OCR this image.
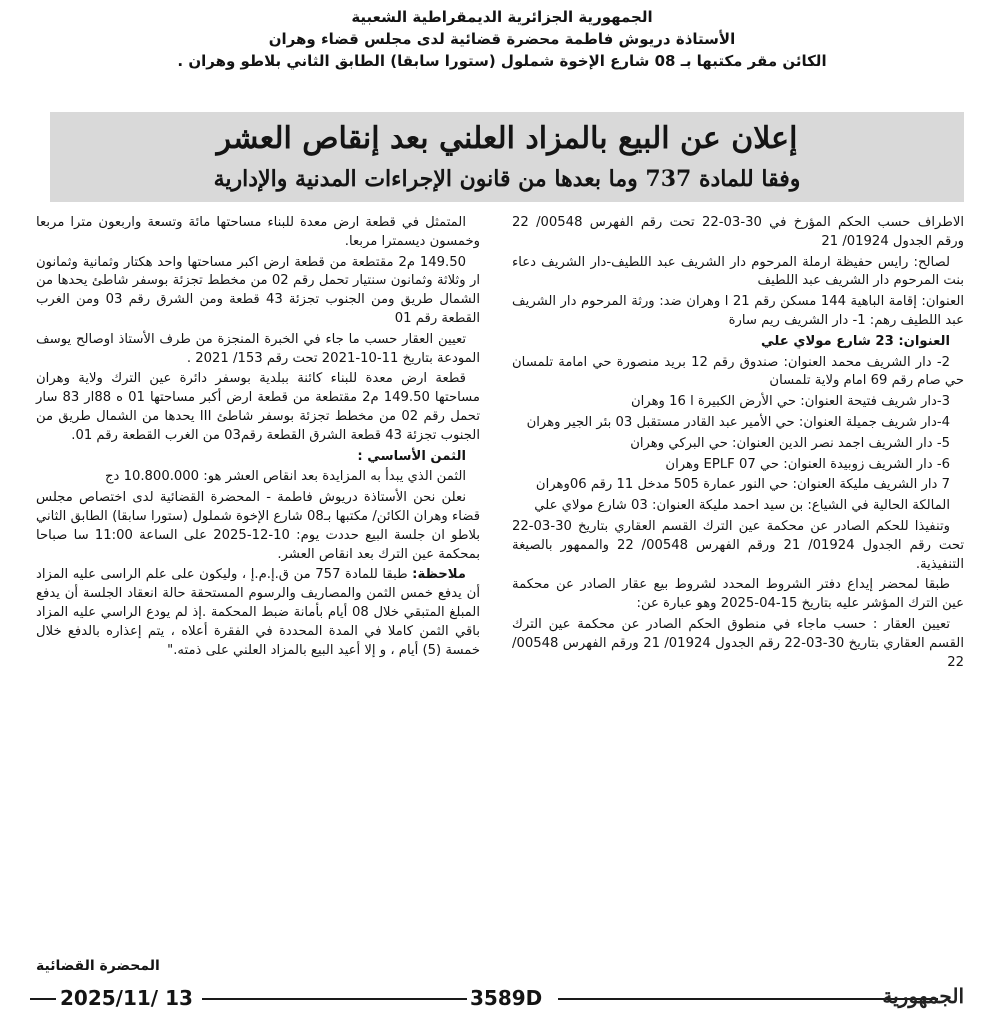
الجمهورية الجزائرية الديمقراطية الشعبية
الأستاذة دريوش فاطمة محضرة قضائية لدى مجلس قضاء وهران
الكائن مقر مكتبها بـ 08 شارع الإخوة شملول (ستورا سابقا) الطابق الثاني بلاطو وهران .
إعلان عن البيع بالمزاد العلني بعد إنقاص العشر
وفقا للمادة 737 وما بعدها من قانون الإجراءات المدنية والإدارية

الاطراف حسب الحكم المؤرخ في 30-03-22 تحت رقم الفهرس 00548/ 22 ورقم الجدول 01924/ 21

لصالح: رايس حفيظة ارملة المرحوم دار الشريف عبد اللطيف-دار الشريف دعاء بنت المرحوم دار الشريف عبد اللطيف

العنوان: إقامة الباهية 144 مسكن رقم 21 ا وهران ضد: ورثة المرحوم دار الشريف عبد اللطيف رهم: 1- دار الشريف ريم سارة

العنوان: 23 شارع مولاي علي

2- دار الشريف محمد العنوان: صندوق رقم 12 بريد منصورة حي امامة تلمسان حي صام رقم 69 امام ولاية تلمسان

3-دار شريف فتيحة العنوان: حي الأرض الكبيرة ا 16 وهران

4-دار شريف جميلة العنوان: حي الأمير عبد القادر مستقبل 03 بئر الجير وهران

5- دار الشريف اجمد نصر الدين العنوان: حي البركي وهران

6- دار الشريف زوبيدة العنوان: حي EPLF 07 وهران

7 دار الشريف مليكة العنوان: حي النور عمارة 505 مدخل 11 رقم 06وهران

المالكة الحالية في الشياع: بن سيد احمد مليكة العنوان: 03 شارع مولاي علي

وتنفيذا للحكم الصادر عن محكمة عين الترك القسم العقاري بتاريخ 30-03-22 تحت رقم الجدول 01924/ 21 ورقم الفهرس 00548/ 22 والممهور بالصيغة التنفيذية.

طبقا لمحضر إيداع دفتر الشروط المحدد لشروط بيع عقار الصادر عن محكمة عين الترك المؤشر عليه بتاريخ 15-04-2025 وهو عبارة عن:

تعيين العقار : حسب ماجاء في منطوق الحكم الصادر عن محكمة عين الترك القسم العقاري بتاريخ 30-03-22 رقم الجدول 01924/ 21 ورقم الفهرس 00548/ 22

المتمثل في قطعة ارض معدة للبناء مساحتها مائة وتسعة واربعون مترا مربعا وخمسون ديسمترا مربعا.

149.50 م2 مقتطعة من قطعة ارض اكبر مساحتها واحد هكتار وثمانية وثمانون ار وثلاثة وثمانون سنتيار تحمل رقم 02 من مخطط تجزئة بوسفر شاطئ يحدها من الشمال طريق ومن الجنوب تجزئة 43 قطعة ومن الشرق رقم 03 ومن الغرب القطعة رقم 01

تعيين العقار حسب ما جاء في الخبرة المنجزة من طرف الأستاذ اوصالح يوسف المودعة بتاريخ 11-10-2021 تحت رقم 153/ 2021 .

قطعة ارض معدة للبناء كائنة ببلدية بوسفر دائرة عين الترك ولاية وهران مساحتها 149.50 م2 مقتطعة من قطعة ارض أكبر مساحتها 01 ه 88ار 83 سار تحمل رقم 02 من مخطط تجزئة بوسفر شاطئ III يحدها من الشمال طريق من الجنوب تجزئة 43 قطعة الشرق القطعة رقم03 من الغرب القطعة رقم 01.

الثمن الأساسي :

الثمن الذي يبدأ به المزايدة بعد انقاص العشر هو: 10.800.000 دج

نعلن نحن الأستاذة دريوش فاطمة - المحضرة القضائية لدى اختصاص مجلس قضاء وهران الكائن/ مكتبها بـ08 شارع الإخوة شملول (ستورا سابقا) الطابق الثاني بلاطو ان جلسة البيع حددت يوم: 10-12-2025 على الساعة 11:00 سا صباحا بمحكمة عين الترك بعد انقاص العشر.

ملاحظة: طبقا للمادة 757 من ق.إ.م.إ ، وليكون على علم الراسى عليه المزاد أن يدفع خمس الثمن والمصاريف والرسوم المستحقة حالة انعقاد الجلسة أن يدفع المبلغ المتبقي خلال 08 أيام بأمانة ضبط المحكمة .إذ لم يودع الراسي عليه المزاد باقي الثمن كاملا في المدة المحددة في الفقرة أعلاه ، يتم إعذاره بالدفع خلال خمسة (5) أيام ، و إلا أعيد البيع بالمزاد العلني على ذمته."

المحضرة القضائية
2025/11/ 13	3589D	الجمهورية
